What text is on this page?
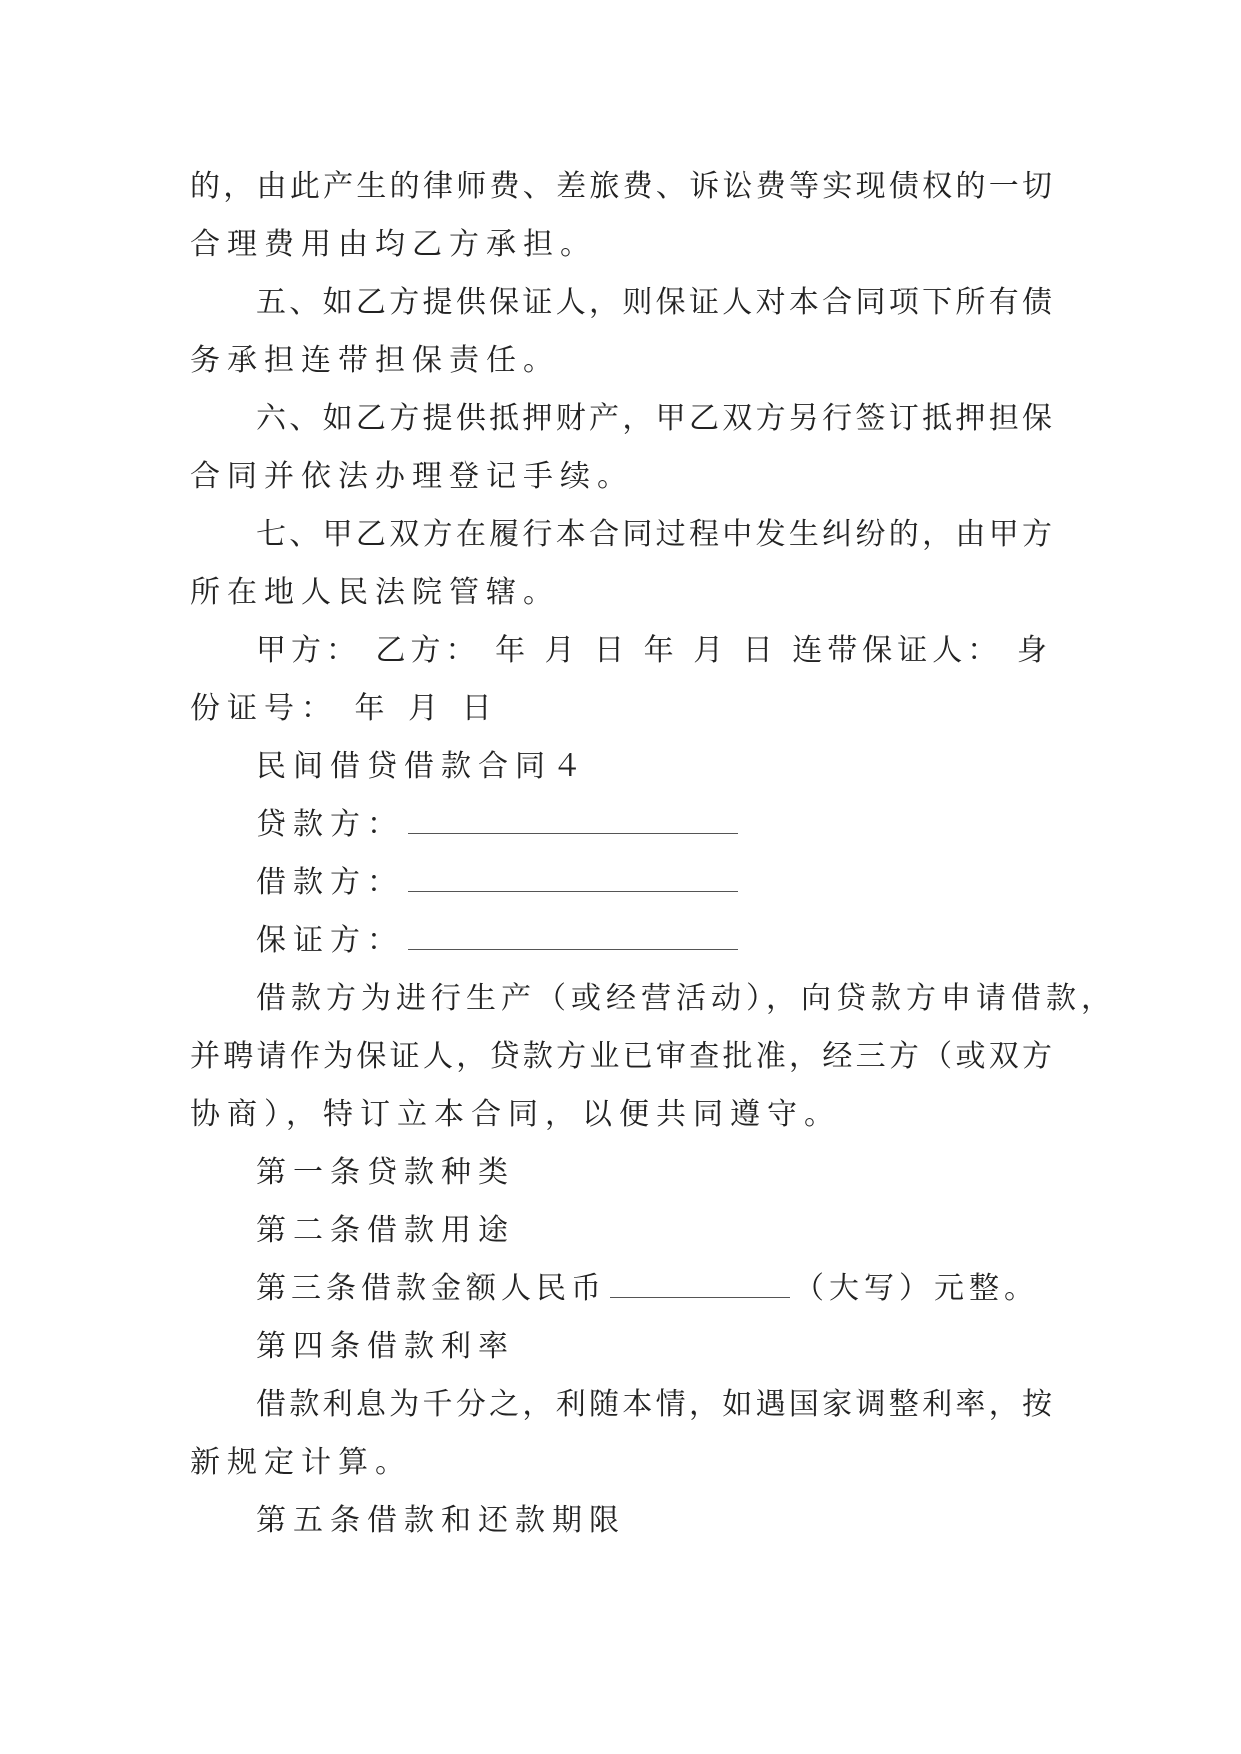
的，由此产生的律师费、差旅费、诉讼费等实现债权的一切
合理费用由均乙方承担。
五、如乙方提供保证人，则保证人对本合同项下所有债
务承担连带担保责任。
六、如乙方提供抵押财产，甲乙双方另行签订抵押担保
合同并依法办理登记手续。
七、甲乙双方在履行本合同过程中发生纠纷的，由甲方
所在地人民法院管辖。
甲方： 乙方： 年 月 日 年 月 日 连带保证人： 身
份证号： 年 月 日
民间借贷借款合同４
贷款方：
借款方：
保证方：
借款方为进行生产（或经营活动），向贷款方申请借款，
并聘请作为保证人，贷款方业已审查批准，经三方（或双方
协商），特订立本合同，以便共同遵守。
第一条贷款种类
第二条借款用途
第三条借款金额人民币	（大写）元整。
第四条借款利率
借款利息为千分之，利随本情，如遇国家调整利率，按
新规定计算。
第五条借款和还款期限
